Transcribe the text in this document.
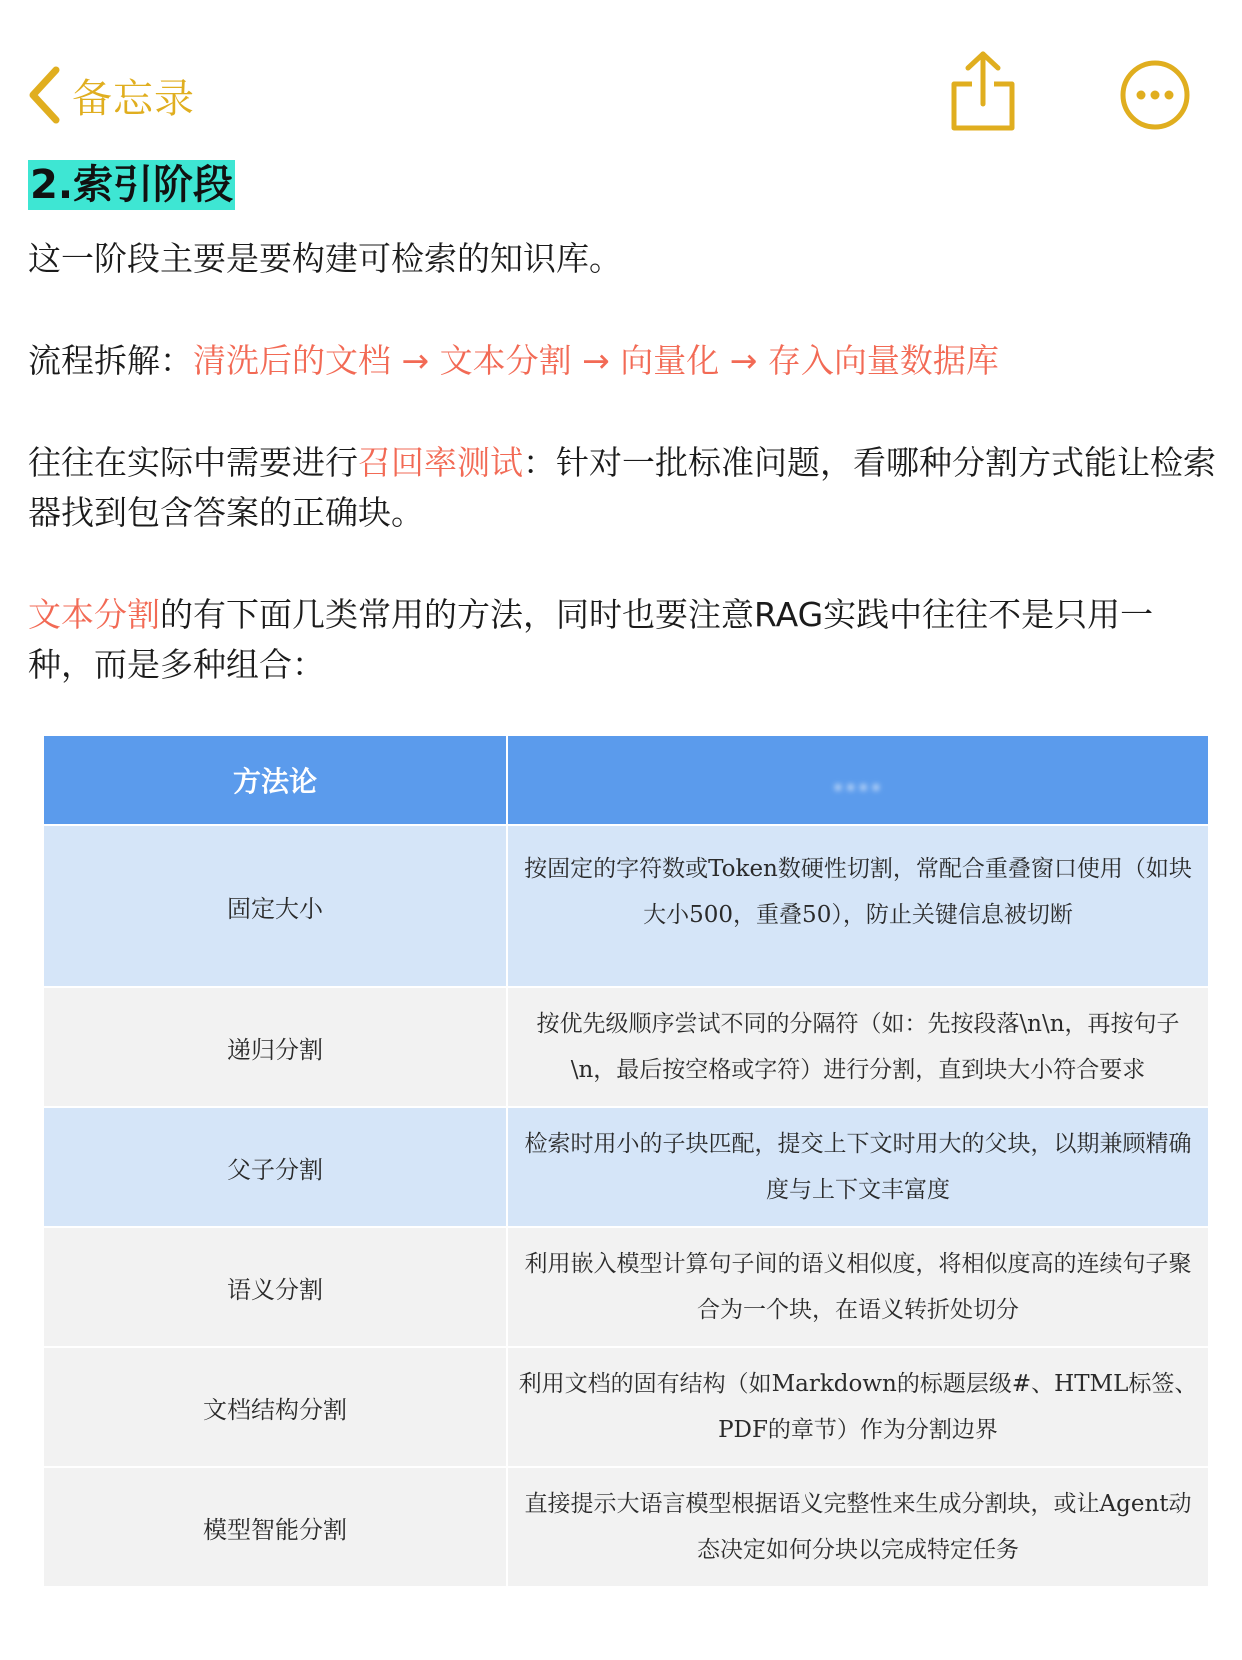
备忘录
2.索引阶段

这一阶段主要是要构建可检索的知识库。

流程拆解：清洗后的文档 → 文本分割 → 向量化 → 存入向量数据库

往往在实际中需要进行召回率测试：针对一批标准问题，看哪种分割方式能让检索器找到包含答案的正确块。

文本分割的有下面几类常用的方法，同时也要注意RAG实践中往往不是只用一种，而是多种组合：

方法论	....
固定大小	按固定的字符数或Token数硬性切割，常配合重叠窗口使用（如块大小500，重叠50），防止关键信息被切断
递归分割	按优先级顺序尝试不同的分隔符（如：先按段落\n\n，再按句子\n，最后按空格或字符）进行分割，直到块大小符合要求
父子分割	检索时用小的子块匹配，提交上下文时用大的父块，以期兼顾精确度与上下文丰富度
语义分割	利用嵌入模型计算句子间的语义相似度，将相似度高的连续句子聚合为一个块，在语义转折处切分
文档结构分割	利用文档的固有结构（如Markdown的标题层级#、HTML标签、PDF的章节）作为分割边界
模型智能分割	直接提示大语言模型根据语义完整性来生成分割块，或让Agent动态决定如何分块以完成特定任务
